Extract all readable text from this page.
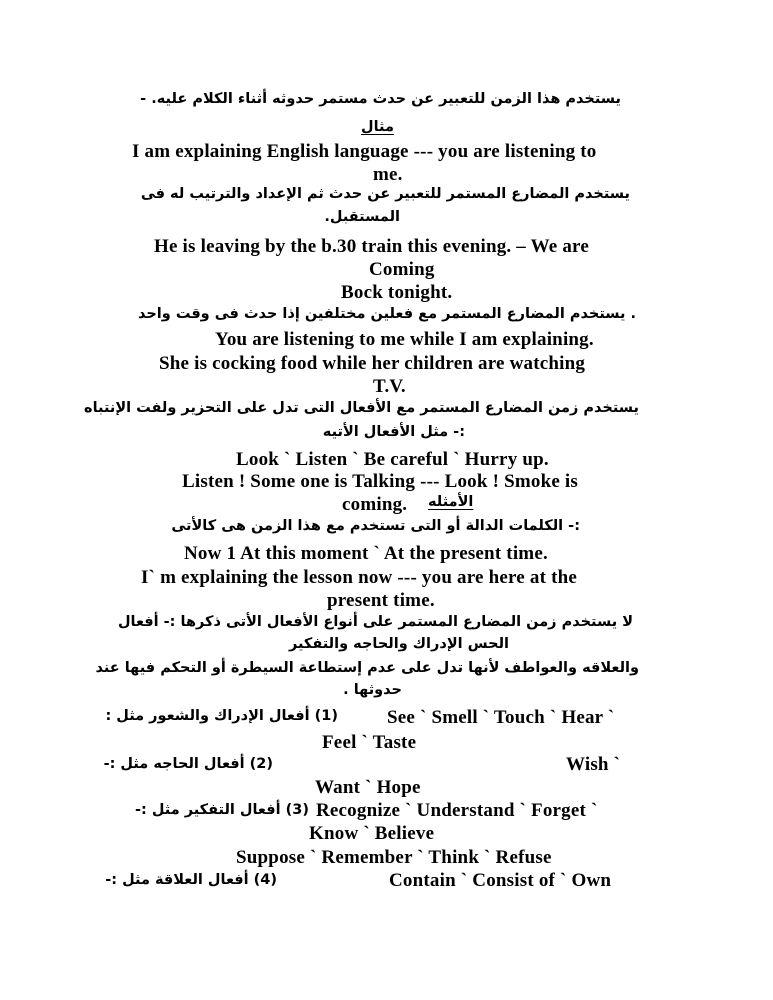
يستخدم هذا الزمن للتعبير عن حدث مستمر حدوثه أثناء الكلام عليه. -
مثال
I am explaining English language --- you are listening to
me.
يستخدم المضارع المستمر للتعبير عن حدث ثم الإعداد والترتيب له فى
المستقبل.
He is leaving by the b.30 train this evening. – We are
Coming
Bock tonight.
. يستخدم المضارع المستمر مع فعلين مختلفين إذا حدث فى وقت واحد
You are listening to me while I am explaining.
She is cocking food while her children are watching
T.V.
يستخدم زمن المضارع المستمر مع الأفعال التى تدل على التحزير ولفت الإنتباه
:- مثل الأفعال الأتيه
Look ` Listen ` Be careful ` Hurry up.
Listen ! Some one is Talking --- Look ! Smoke is
coming. الأمثله
:- الكلمات الدالة أو التى تستخدم مع هذا الزمن هى كالأتى
Now 1 At this moment ` At the present time.
I` m explaining the lesson now --- you are here at the
present time.
لا يستخدم زمن المضارع المستمر على أنواع الأفعال الأتى ذكرها :- أفعال
الحس الإدراك والحاجه والتفكير
والعلاقه والعواطف لأنها تدل على عدم إستطاعة السيطرة أو التحكم فيها عند
حدوثها .
(1) أفعال الإدراك والشعور مثل :	See ` Smell ` Touch ` Hear `
Feel ` Taste
(2) أفعال الحاجه مثل :-	Wish `
Want ` Hope
(3) أفعال التفكير مثل :- Recognize ` Understand ` Forget `
Know ` Believe
Suppose ` Remember ` Think ` Refuse
(4) أفعال العلاقة مثل :-	Contain ` Consist of ` Own
